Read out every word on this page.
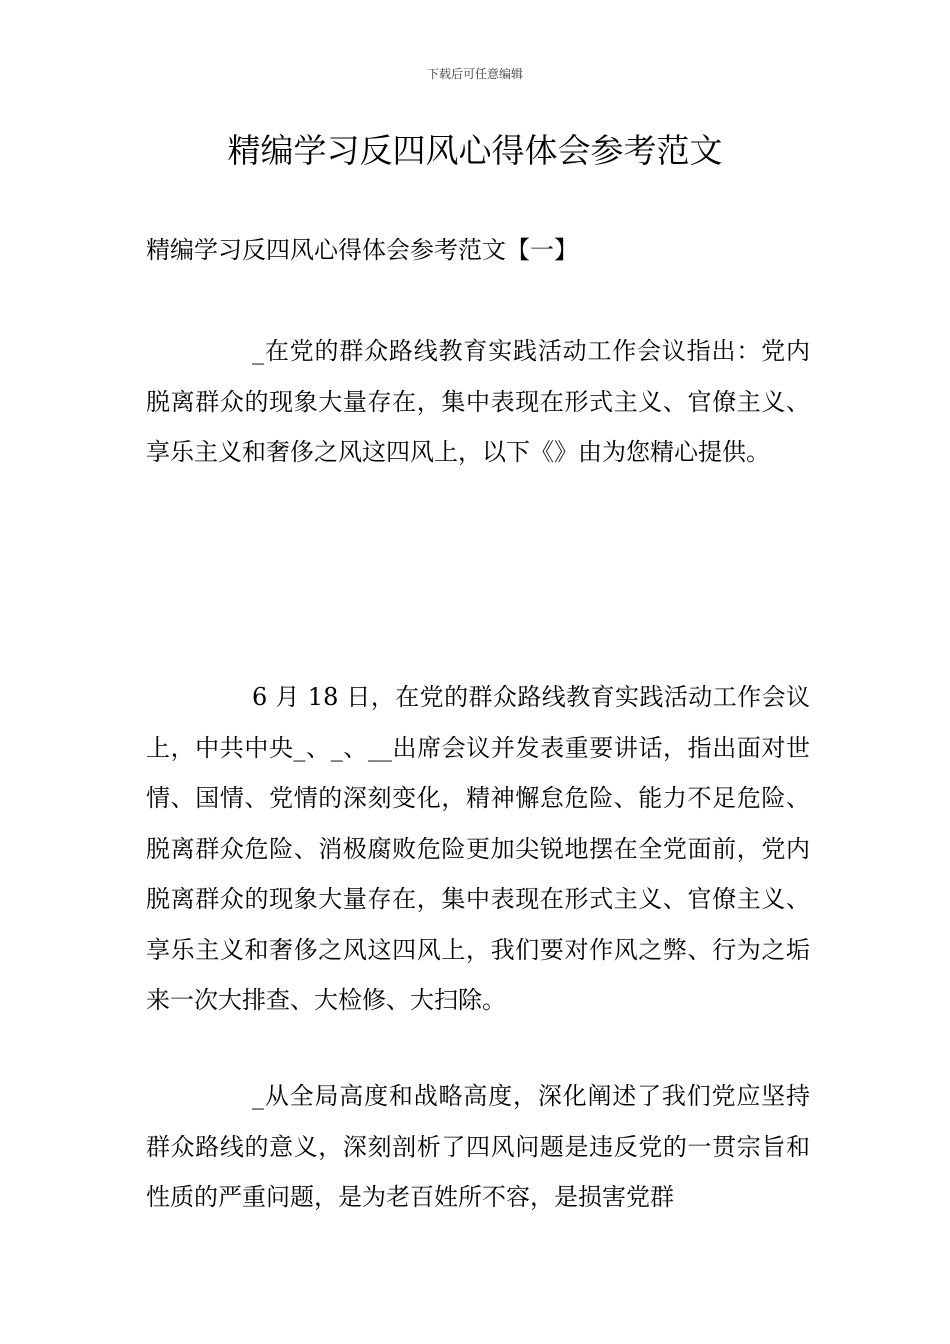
下载后可任意编辑
精编学习反四风心得体会参考范文
精编学习反四风心得体会参考范文【一】

_在党的群众路线教育实践活动工作会议指出：党内脱离群众的现象大量存在，集中表现在形式主义、官僚主义、享乐主义和奢侈之风这四风上，以下《》由为您精心提供。

6 月 18 日，在党的群众路线教育实践活动工作会议上，中共中央_、_、__出席会议并发表重要讲话，指出面对世情、国情、党情的深刻变化，精神懈怠危险、能力不足危险、脱离群众危险、消极腐败危险更加尖锐地摆在全党面前，党内脱离群众的现象大量存在，集中表现在形式主义、官僚主义、享乐主义和奢侈之风这四风上，我们要对作风之弊、行为之垢来一次大排查、大检修、大扫除。

_从全局高度和战略高度，深化阐述了我们党应坚持群众路线的意义，深刻剖析了四风问题是违反党的一贯宗旨和性质的严重问题，是为老百姓所不容，是损害党群
